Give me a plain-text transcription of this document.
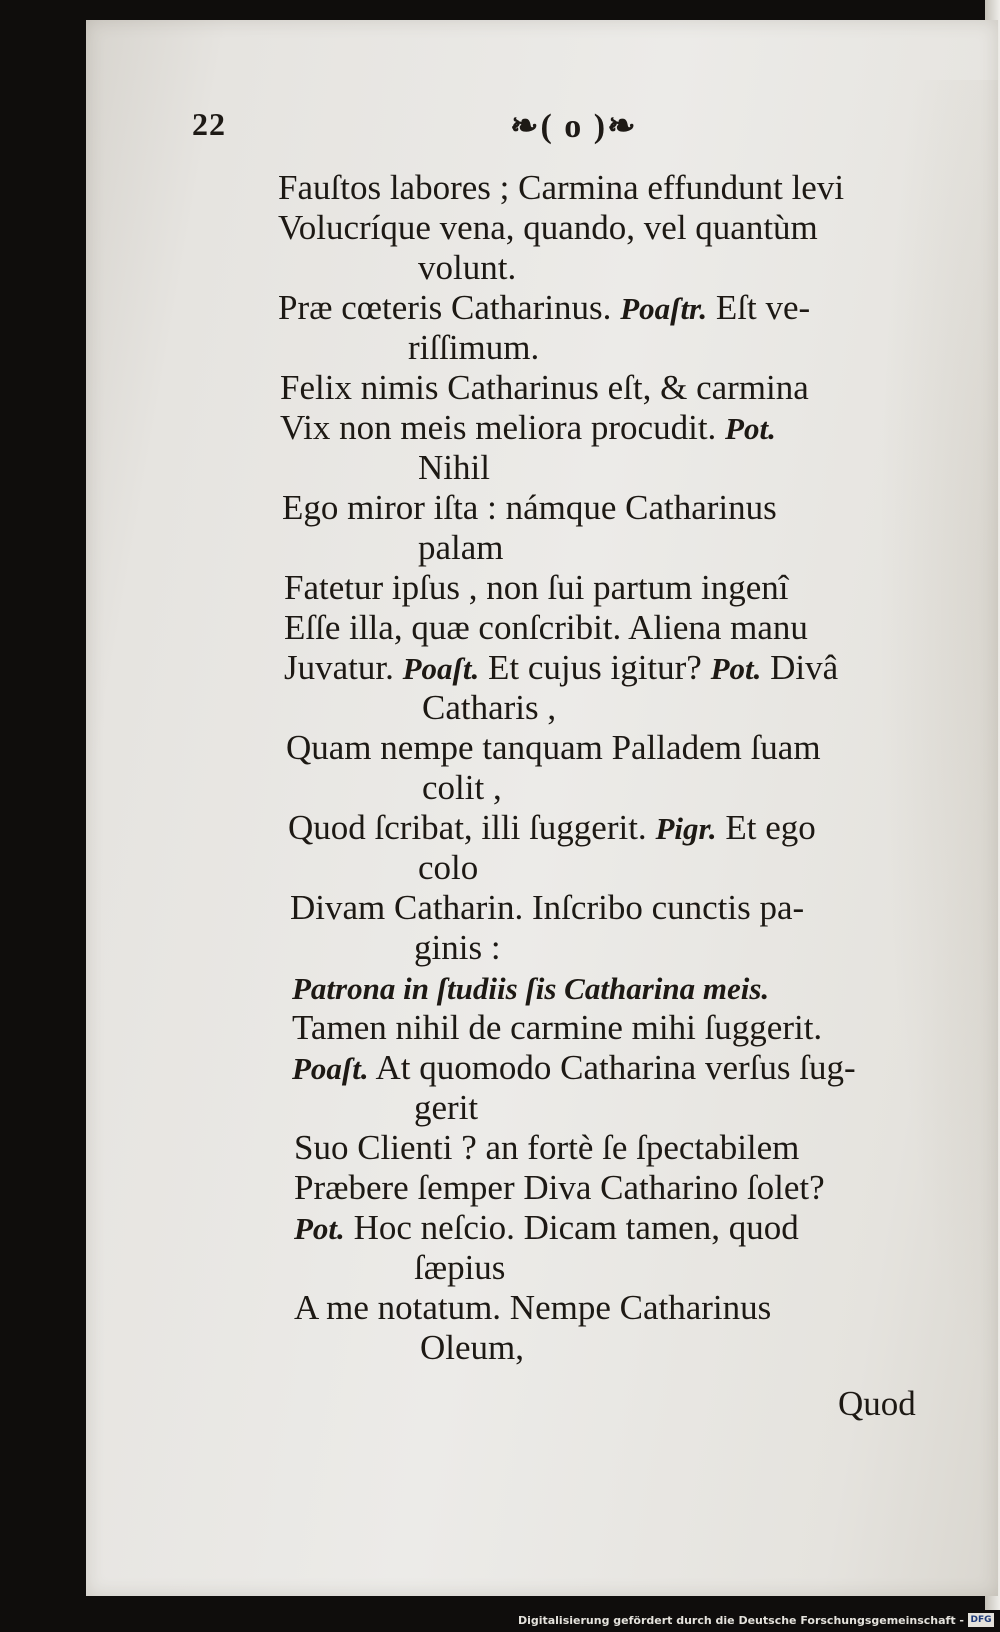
22	❧( o )❧
Fauſtos labores ; Carmina effundunt levi
Volucríque vena, quando, vel quantùm
volunt.
Præ cœteris Catharinus. Poaſtr. Eſt ve-
riſſimum.
Felix nimis Catharinus eſt, & carmina
Vix non meis meliora procudit. Pot.
Nihil
Ego miror iſta : námque Catharinus
palam
Fatetur ipſus , non ſui partum ingenî
Eſſe illa, quæ conſcribit. Aliena manu
Juvatur. Poaſt. Et cujus igitur? Pot. Divâ
Catharis ,
Quam nempe tanquam Palladem ſuam
colit ,
Quod ſcribat, illi ſuggerit. Pigr. Et ego
colo
Divam Catharin. Inſcribo cunctis pa-
ginis :
Patrona in ſtudiis ſis Catharina meis.
Tamen nihil de carmine mihi ſuggerit.
Poaſt. At quomodo Catharina verſus ſug-
gerit
Suo Clienti ? an fortè ſe ſpectabilem
Præbere ſemper Diva Catharino ſolet?
Pot. Hoc neſcio. Dicam tamen, quod
ſæpius
A me notatum. Nempe Catharinus
Oleum,
Quod
Digitalisierung gefördert durch die Deutsche Forschungsgemeinschaft - DFG
